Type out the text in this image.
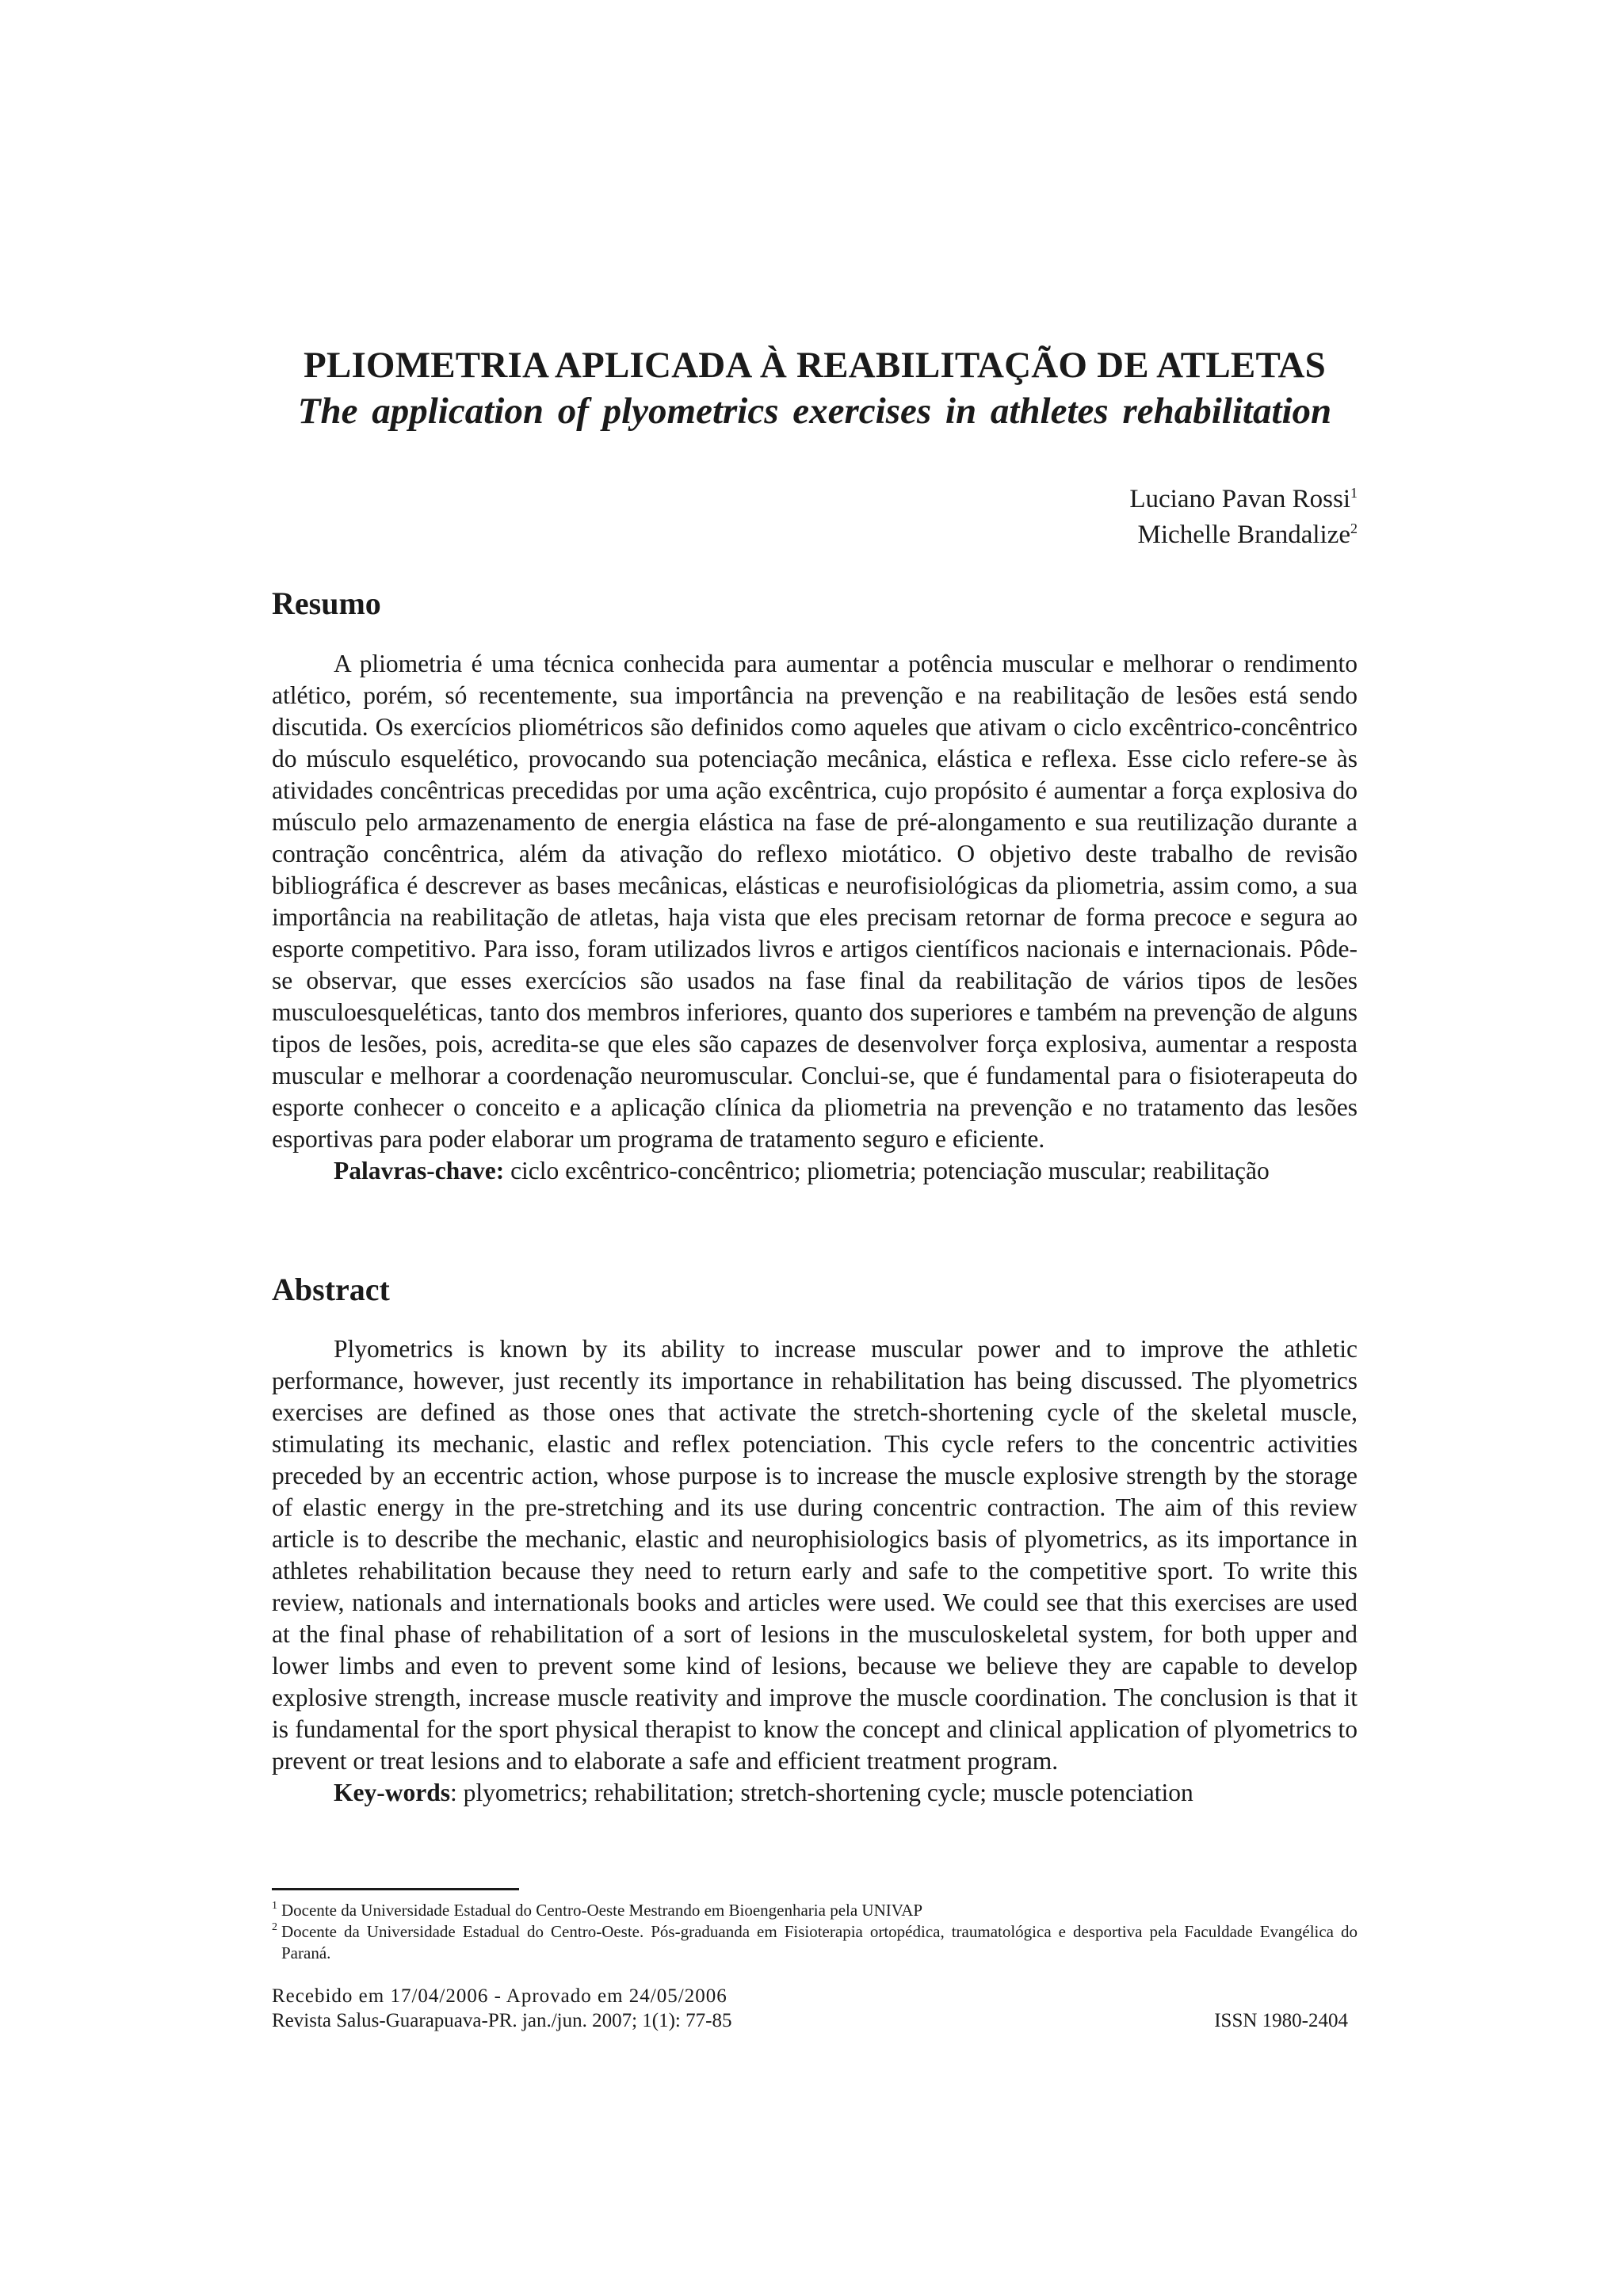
PLIOMETRIA APLICADA À REABILITAÇÃO DE ATLETAS
The application of plyometrics exercises in athletes rehabilitation
Luciano Pavan Rossi$^1$
Michelle Brandalize$^2$
Resumo

A pliometria é uma técnica conhecida para aumentar a potência muscular e melhorar o rendimento atlético, porém, só recentemente, sua importância na prevenção e na reabilitação de lesões está sendo discutida. Os exercícios pliométricos são definidos como aqueles que ativam o ciclo excêntrico-concêntrico do músculo esquelético, provocando sua potenciação mecânica, elástica e reflexa. Esse ciclo refere-se às atividades concêntricas precedidas por uma ação excêntrica, cujo propósito é aumentar a força explosiva do músculo pelo armazenamento de energia elástica na fase de pré-alongamento e sua reutilização durante a contração concêntrica, além da ativação do reflexo miotático. O objetivo deste trabalho de revisão bibliográfica é descrever as bases mecânicas, elásticas e neurofisiológicas da pliometria, assim como, a sua importância na reabilitação de atletas, haja vista que eles precisam retornar de forma precoce e segura ao esporte competitivo. Para isso, foram utilizados livros e artigos científicos nacionais e internacionais. Pôde-se observar, que esses exercícios são usados na fase final da reabilitação de vários tipos de lesões musculoesqueléticas, tanto dos membros inferiores, quanto dos superiores e também na prevenção de alguns tipos de lesões, pois, acredita-se que eles são capazes de desenvolver força explosiva, aumentar a resposta muscular e melhorar a coordenação neuromuscular. Conclui-se, que é fundamental para o fisioterapeuta do esporte conhecer o conceito e a aplicação clínica da pliometria na prevenção e no tratamento das lesões esportivas para poder elaborar um programa de tratamento seguro e eficiente.

Palavras-chave: ciclo excêntrico-concêntrico; pliometria; potenciação muscular; reabilitação

Abstract

Plyometrics is known by its ability to increase muscular power and to improve the athletic performance, however, just recently its importance in rehabilitation has being discussed. The plyometrics exercises are defined as those ones that activate the stretch-shortening cycle of the skeletal muscle, stimulating its mechanic, elastic and reflex potenciation. This cycle refers to the concentric activities preceded by an eccentric action, whose purpose is to increase the muscle explosive strength by the storage of elastic energy in the pre-stretching and its use during concentric contraction. The aim of this review article is to describe the mechanic, elastic and neurophisiologics basis of plyometrics, as its importance in athletes rehabilitation because they need to return early and safe to the competitive sport. To write this review, nationals and internationals books and articles were used. We could see that this exercises are used at the final phase of rehabilitation of a sort of lesions in the musculoskeletal system, for both upper and lower limbs and even to prevent some kind of lesions, because we believe they are capable to develop explosive strength, increase muscle reativity and improve the muscle coordination. The conclusion is that it is fundamental for the sport physical therapist to know the concept and clinical application of plyometrics to prevent or treat lesions and to elaborate a safe and efficient treatment program.

Key-words: plyometrics; rehabilitation; stretch-shortening cycle; muscle potenciation

1 Docente da Universidade Estadual do Centro-Oeste Mestrando em Bioengenharia pela UNIVAP
2 Docente da Universidade Estadual do Centro-Oeste. Pós-graduanda em Fisioterapia ortopédica, traumatológica e desportiva pela Faculdade Evangélica do Paraná.
Recebido em 17/04/2006 - Aprovado em 24/05/2006
Revista Salus-Guarapuava-PR. jan./jun. 2007; 1(1): 77-85	ISSN 1980-2404
